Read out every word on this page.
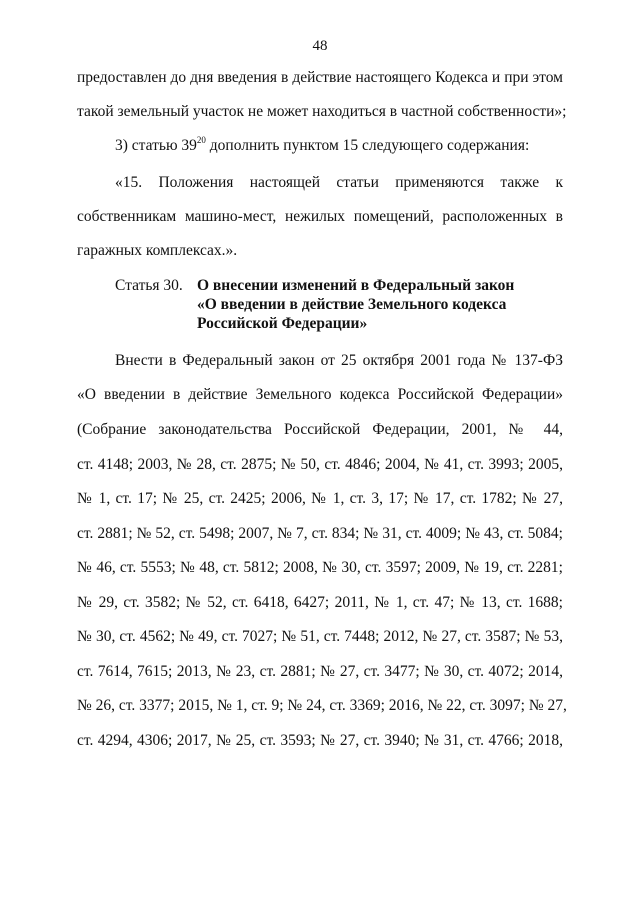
48
предоставлен до дня введения в действие настоящего Кодекса и при этом
такой земельный участок не может находиться в частной собственности»;
3) статью $39^{20}$ дополнить пунктом 15 следующего содержания:
«15. Положения настоящей статьи применяются также к
собственникам машино-мест, нежилых помещений, расположенных в
гаражных комплексах.».
Статья 30. О внесении изменений в Федеральный закон
«О введении в действие Земельного кодекса
Российской Федерации»
Внести в Федеральный закон от 25 октября 2001 года № 137-ФЗ
«О введении в действие Земельного кодекса Российской Федерации»
(Собрание законодательства Российской Федерации, 2001, № 44,
ст. 4148; 2003, № 28, ст. 2875; № 50, ст. 4846; 2004, № 41, ст. 3993; 2005,
№ 1, ст. 17; № 25, ст. 2425; 2006, № 1, ст. 3, 17; № 17, ст. 1782; № 27,
ст. 2881; № 52, ст. 5498; 2007, № 7, ст. 834; № 31, ст. 4009; № 43, ст. 5084;
№ 46, ст. 5553; № 48, ст. 5812; 2008, № 30, ст. 3597; 2009, № 19, ст. 2281;
№ 29, ст. 3582; № 52, ст. 6418, 6427; 2011, № 1, ст. 47; № 13, ст. 1688;
№ 30, ст. 4562; № 49, ст. 7027; № 51, ст. 7448; 2012, № 27, ст. 3587; № 53,
ст. 7614, 7615; 2013, № 23, ст. 2881; № 27, ст. 3477; № 30, ст. 4072; 2014,
№ 26, ст. 3377; 2015, № 1, ст. 9; № 24, ст. 3369; 2016, № 22, ст. 3097; № 27,
ст. 4294, 4306; 2017, № 25, ст. 3593; № 27, ст. 3940; № 31, ст. 4766; 2018,
